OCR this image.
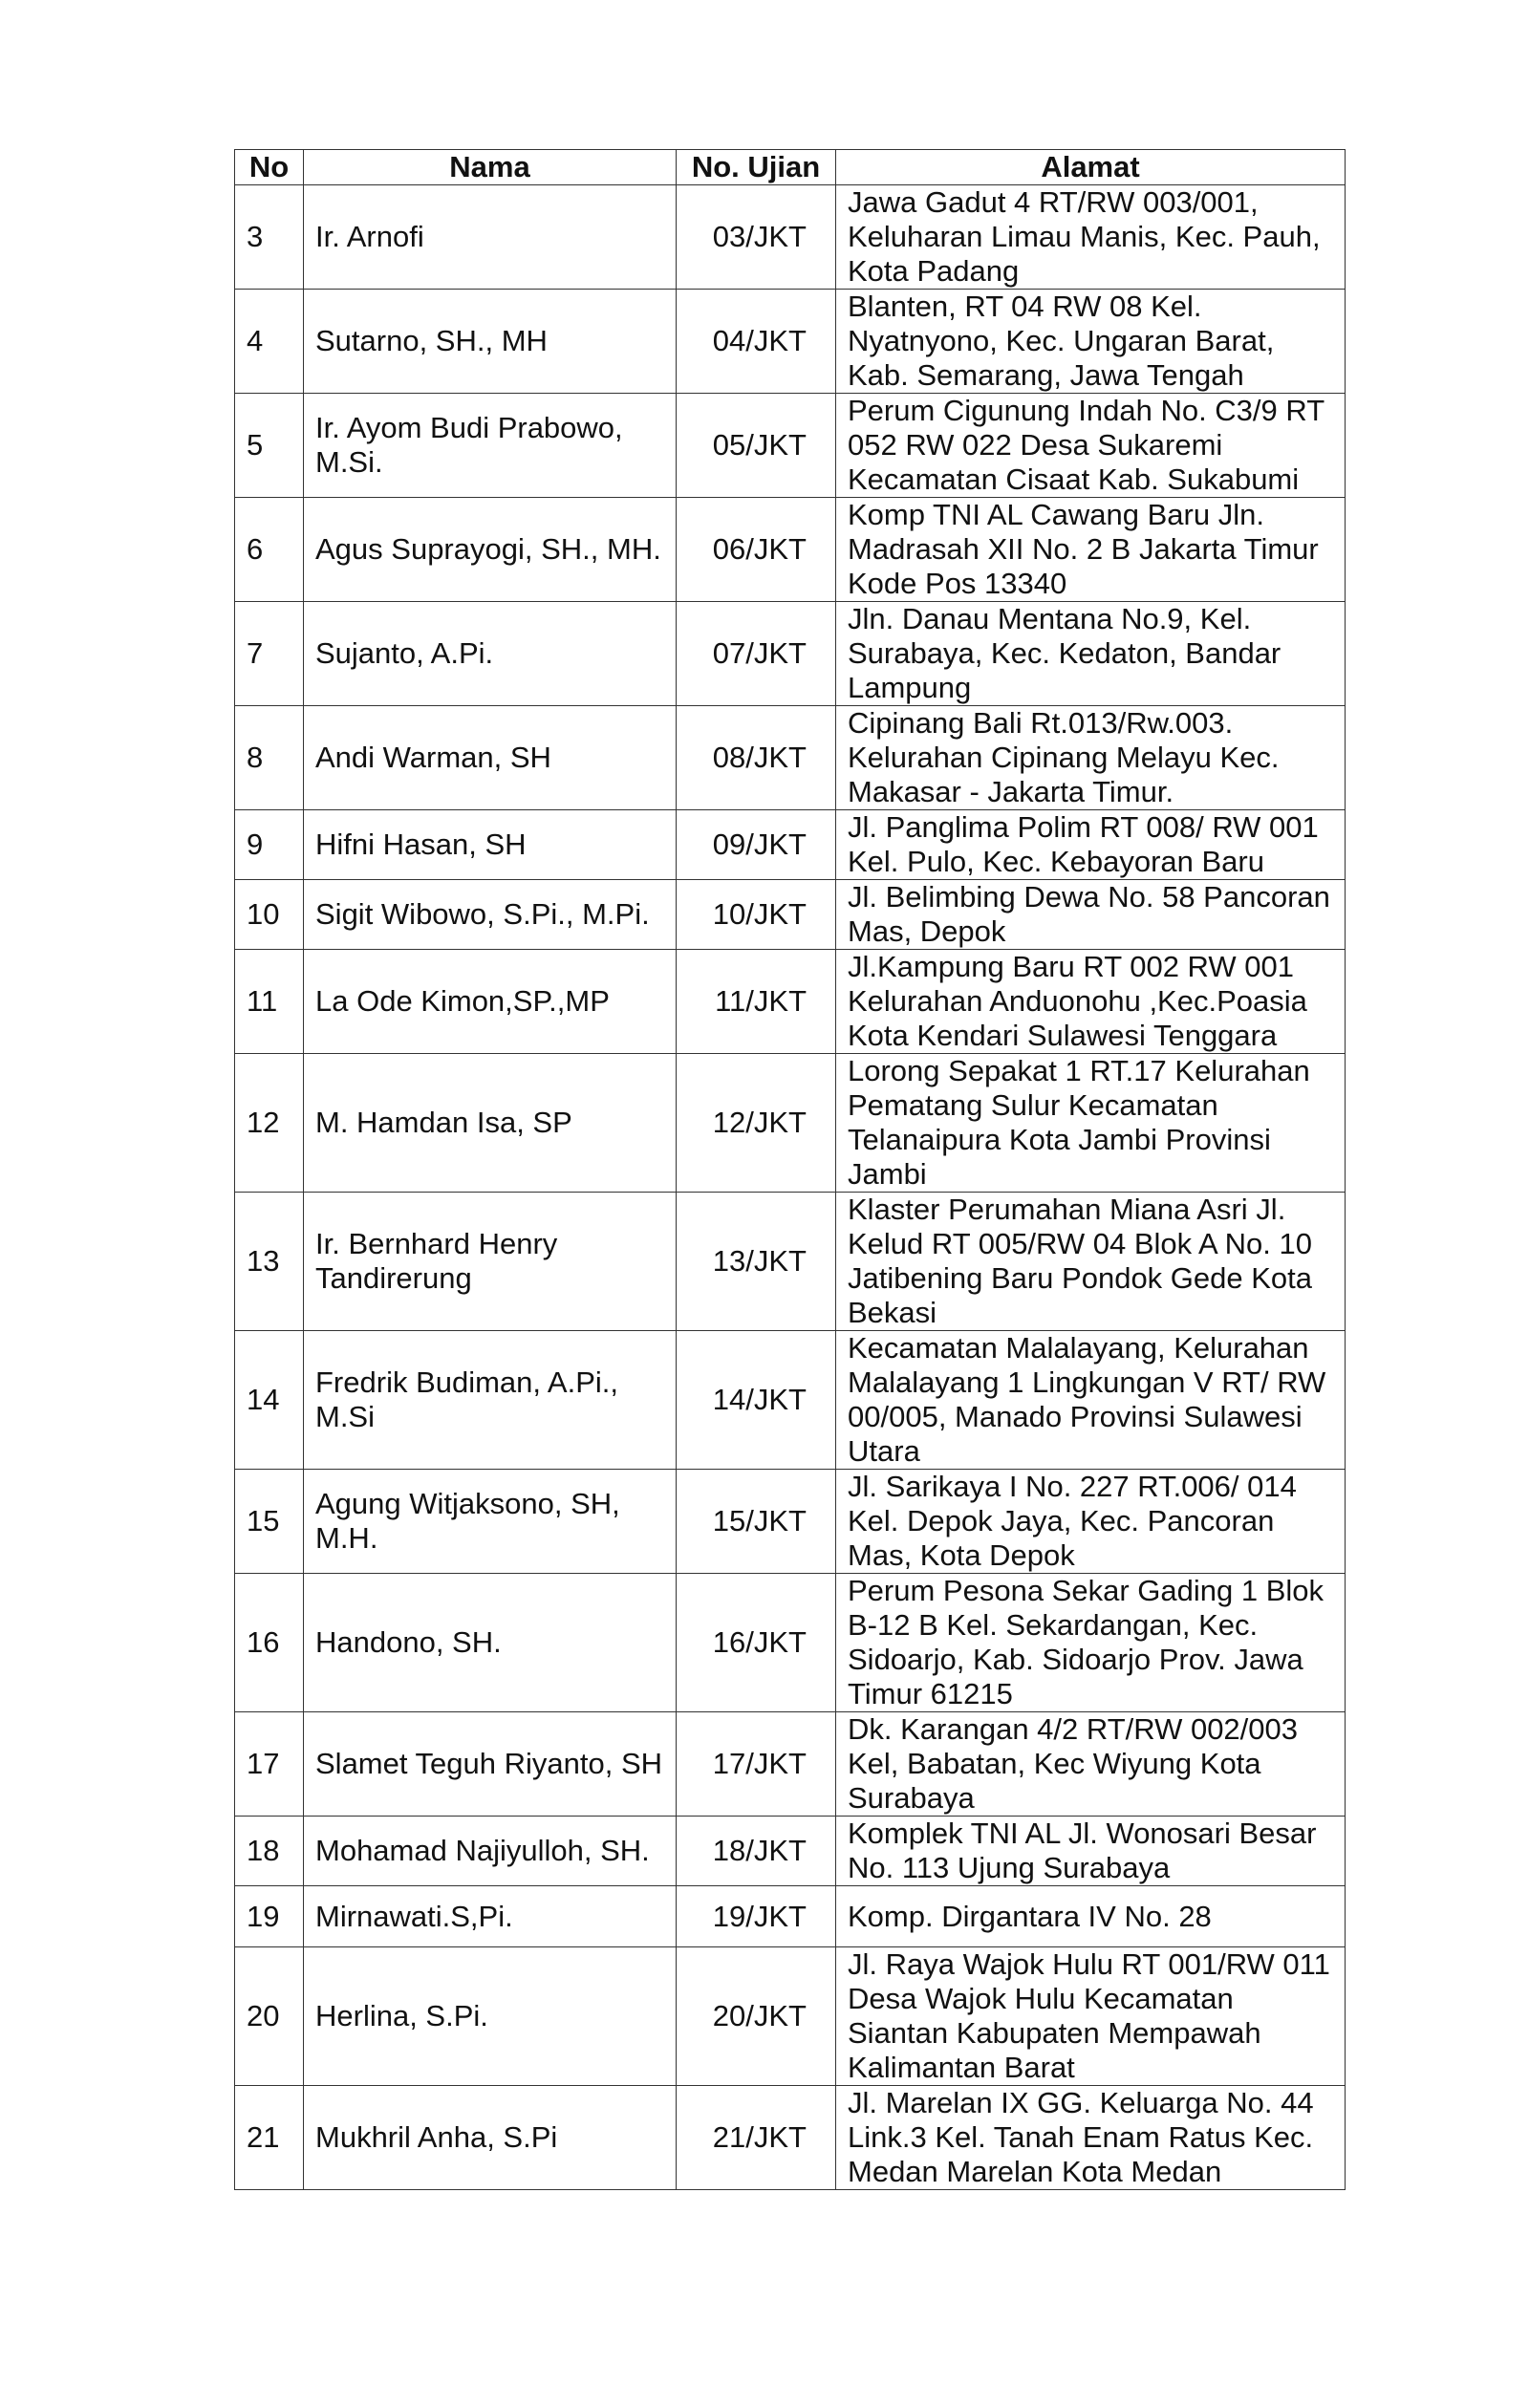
No	Nama	No. Ujian	Alamat
3	Ir. Arnofi	03/JKT	Jawa Gadut 4 RT/RW 003/001, Keluharan Limau Manis, Kec. Pauh, Kota Padang
4	Sutarno, SH., MH	04/JKT	Blanten, RT 04 RW 08 Kel. Nyatnyono, Kec. Ungaran Barat, Kab. Semarang, Jawa Tengah
5	Ir. Ayom Budi Prabowo, M.Si.	05/JKT	Perum Cigunung Indah No. C3/9 RT 052 RW 022 Desa Sukaremi Kecamatan Cisaat Kab. Sukabumi
6	Agus Suprayogi, SH., MH.	06/JKT	Komp TNI AL Cawang Baru Jln. Madrasah XII No. 2 B Jakarta Timur Kode Pos 13340
7	Sujanto, A.Pi.	07/JKT	Jln. Danau Mentana No.9, Kel. Surabaya, Kec. Kedaton, Bandar Lampung
8	Andi Warman, SH	08/JKT	Cipinang Bali Rt.013/Rw.003. Kelurahan Cipinang Melayu Kec. Makasar - Jakarta Timur.
9	Hifni Hasan, SH	09/JKT	Jl. Panglima Polim RT 008/ RW 001 Kel. Pulo, Kec. Kebayoran Baru
10	Sigit Wibowo, S.Pi., M.Pi.	10/JKT	Jl. Belimbing Dewa No. 58 Pancoran Mas, Depok
11	La Ode Kimon,SP.,MP	11/JKT	Jl.Kampung Baru RT 002 RW 001 Kelurahan Anduonohu ,Kec.Poasia Kota Kendari Sulawesi Tenggara
12	M. Hamdan Isa, SP	12/JKT	Lorong Sepakat 1 RT.17 Kelurahan Pematang Sulur Kecamatan Telanaipura Kota Jambi Provinsi Jambi
13	Ir. Bernhard Henry Tandirerung	13/JKT	Klaster Perumahan Miana Asri Jl. Kelud RT 005/RW 04 Blok A No. 10 Jatibening Baru Pondok Gede Kota Bekasi
14	Fredrik Budiman, A.Pi., M.Si	14/JKT	Kecamatan Malalayang, Kelurahan Malalayang 1 Lingkungan V RT/ RW 00/005, Manado Provinsi Sulawesi Utara
15	Agung Witjaksono, SH, M.H.	15/JKT	Jl. Sarikaya I No. 227 RT.006/ 014 Kel. Depok Jaya, Kec. Pancoran Mas, Kota Depok
16	Handono, SH.	16/JKT	Perum Pesona Sekar Gading 1 Blok B-12 B Kel. Sekardangan, Kec. Sidoarjo, Kab. Sidoarjo Prov. Jawa Timur 61215
17	Slamet Teguh Riyanto, SH	17/JKT	Dk. Karangan 4/2 RT/RW 002/003 Kel, Babatan, Kec Wiyung Kota Surabaya
18	Mohamad Najiyulloh, SH.	18/JKT	Komplek TNI AL Jl. Wonosari Besar No. 113 Ujung Surabaya
19	Mirnawati.S,Pi.	19/JKT	Komp. Dirgantara IV No. 28
20	Herlina, S.Pi.	20/JKT	Jl. Raya Wajok Hulu RT 001/RW 011 Desa Wajok Hulu Kecamatan Siantan Kabupaten Mempawah Kalimantan Barat
21	Mukhril Anha, S.Pi	21/JKT	Jl. Marelan IX GG. Keluarga No. 44 Link.3 Kel. Tanah Enam Ratus Kec. Medan Marelan Kota Medan
